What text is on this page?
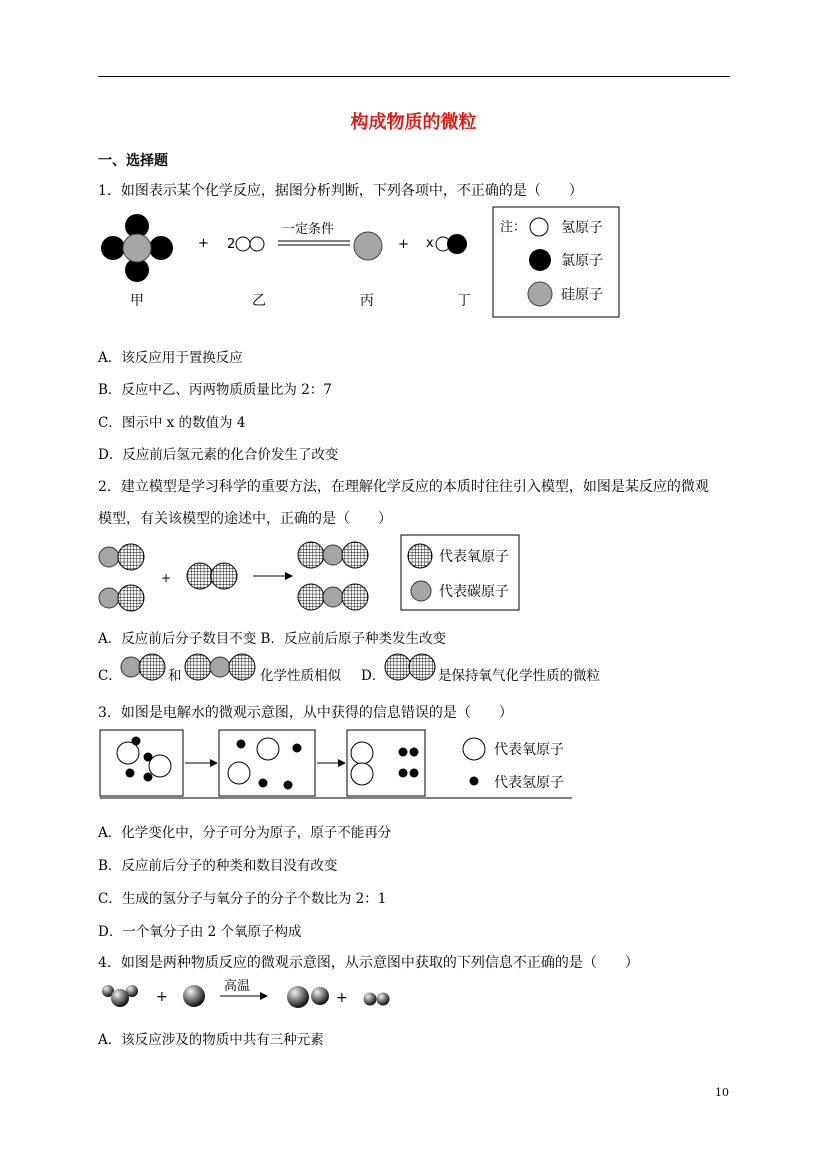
构成物质的微粒
一、选择题
1．如图表示某个化学反应，据图分析判断，下列各项中，不正确的是（　　）
+ 2
一定条件
+ x
甲	乙	丙	丁
注： 氢原子
氯原子
硅原子
A．该反应用于置换反应
B．反应中乙、丙两物质质量比为 2：7
C．图示中 x 的数值为 4
D．反应前后氢元素的化合价发生了改变
2．建立模型是学习科学的重要方法，在理解化学反应的本质时往往引入模型，如图是某反应的微观
模型，有关该模型的途述中，正确的是（　　）
+
代表氧原子
代表碳原子
A．反应前后分子数目不变 B．反应前后原子种类发生改变
C．	和	化学性质相似 D．	是保持氧气化学性质的微粒
3．如图是电解水的微观示意图，从中获得的信息错误的是（　　）
代表氧原子
代表氢原子
A．化学变化中，分子可分为原子，原子不能再分
B．反应前后分子的种类和数目没有改变
C．生成的氢分子与氧分子的分子个数比为 2：1
D．一个氧分子由 2 个氧原子构成
4．如图是两种物质反应的微观示意图，从示意图中获取的下列信息不正确的是（　　）
+
高温
+
A．该反应涉及的物质中共有三种元素
10
